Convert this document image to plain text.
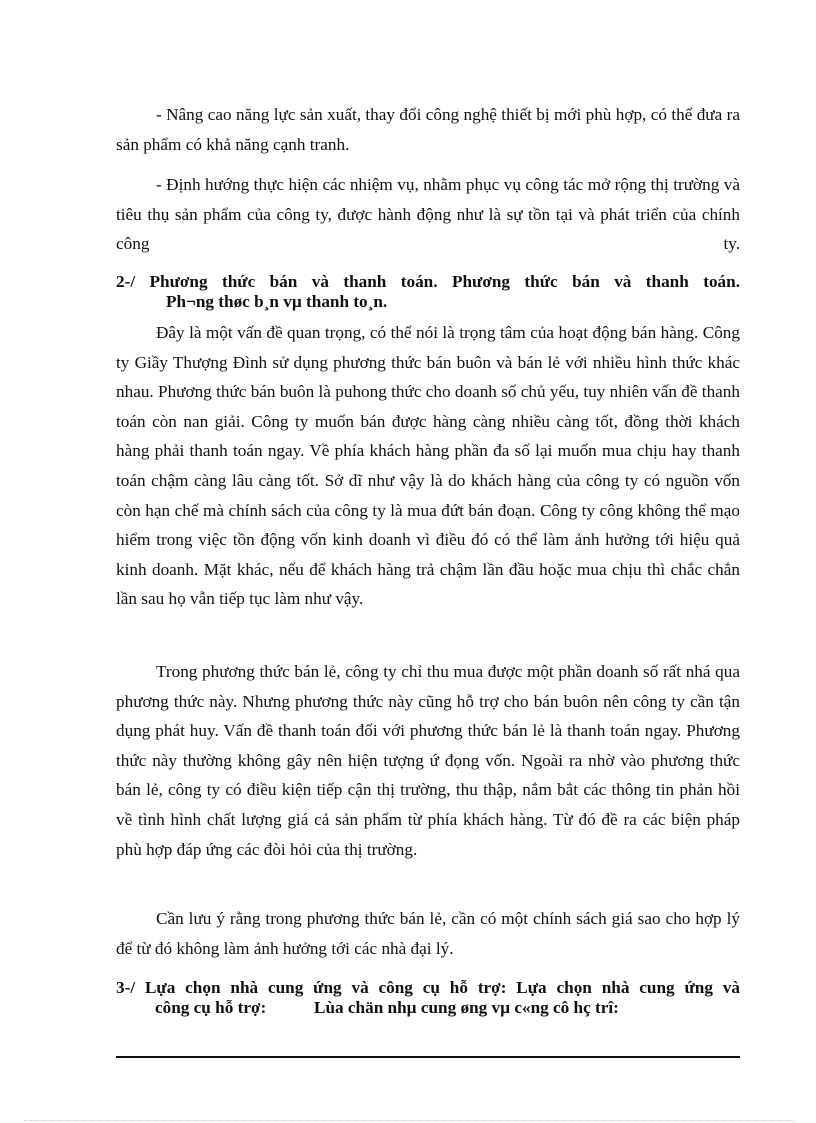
- Nâng cao năng lực sản xuất, thay đổi công nghệ thiết bị mới phù hợp, có thể đưa ra sản phẩm có khả năng cạnh tranh.

- Định hướng thực hiện các nhiệm vụ, nhằm phục vụ công tác mở rộng thị trường và tiêu thụ sản phẩm của công ty, được hành động như là sự tồn tại và phát triển của chính công ty.

2-/ Phương thức bán và thanh toán. Phương thức bán và thanh toán.

Ph¬ng thøc b¸n vµ thanh to¸n.

Đây là một vấn đề quan trọng, có thể nói là trọng tâm của hoạt động bán hàng. Công ty Giầy Thượng Đình sử dụng phương thức bán buôn và bán lẻ với nhiều hình thức khác nhau. Phương thức bán buôn là puhong thức cho doanh số chủ yếu, tuy nhiên vấn đề thanh toán còn nan giải. Công ty muốn bán được hàng càng nhiều càng tốt, đồng thời khách hàng phải thanh toán ngay. Về phía khách hàng phần đa số lại muốn mua chịu hay thanh toán chậm càng lâu càng tốt. Sở dĩ như vậy là do khách hàng của công ty có nguồn vốn còn hạn chế mà chính sách của công ty là mua đứt bán đoạn. Công ty công không thể mạo hiểm trong việc tồn động vốn kinh doanh vì điều đó có thể làm ảnh hưởng tới hiệu quả kinh doanh. Mặt khác, nếu để khách hàng trả chậm lần đầu hoặc mua chịu thì chắc chắn lần sau họ vẫn tiếp tục làm như vậy.

Trong phương thức bán lẻ, công ty chỉ thu mua được một phần doanh số rất nhá qua phương thức này. Nhưng phương thức này cũng hỗ trợ cho bán buôn nên công ty cần tận dụng phát huy. Vấn đề thanh toán đối với phương thức bán lẻ là thanh toán ngay. Phương thức này thường không gây nên hiện tượng ứ đọng vốn. Ngoài ra nhờ vào phương thức bán lẻ, công ty có điều kiện tiếp cận thị trường, thu thập, nắm bắt các thông tin phản hồi về tình hình chất lượng giá cả sản phẩm từ phía khách hàng. Từ đó đề ra các biện pháp phù hợp đáp ứng các đòi hỏi của thị trường.

Cần lưu ý rằng trong phương thức bán lẻ, cần có một chính sách giá sao cho hợp lý để từ đó không làm ảnh hưởng tới các nhà đại lý.

3-/ Lựa chọn nhà cung ứng và công cụ hỗ trợ: Lựa chọn nhà cung ứng và

công cụ hỗ trợ:	Lùa chän nhµ cung øng vµ c«ng cô hç trî:
